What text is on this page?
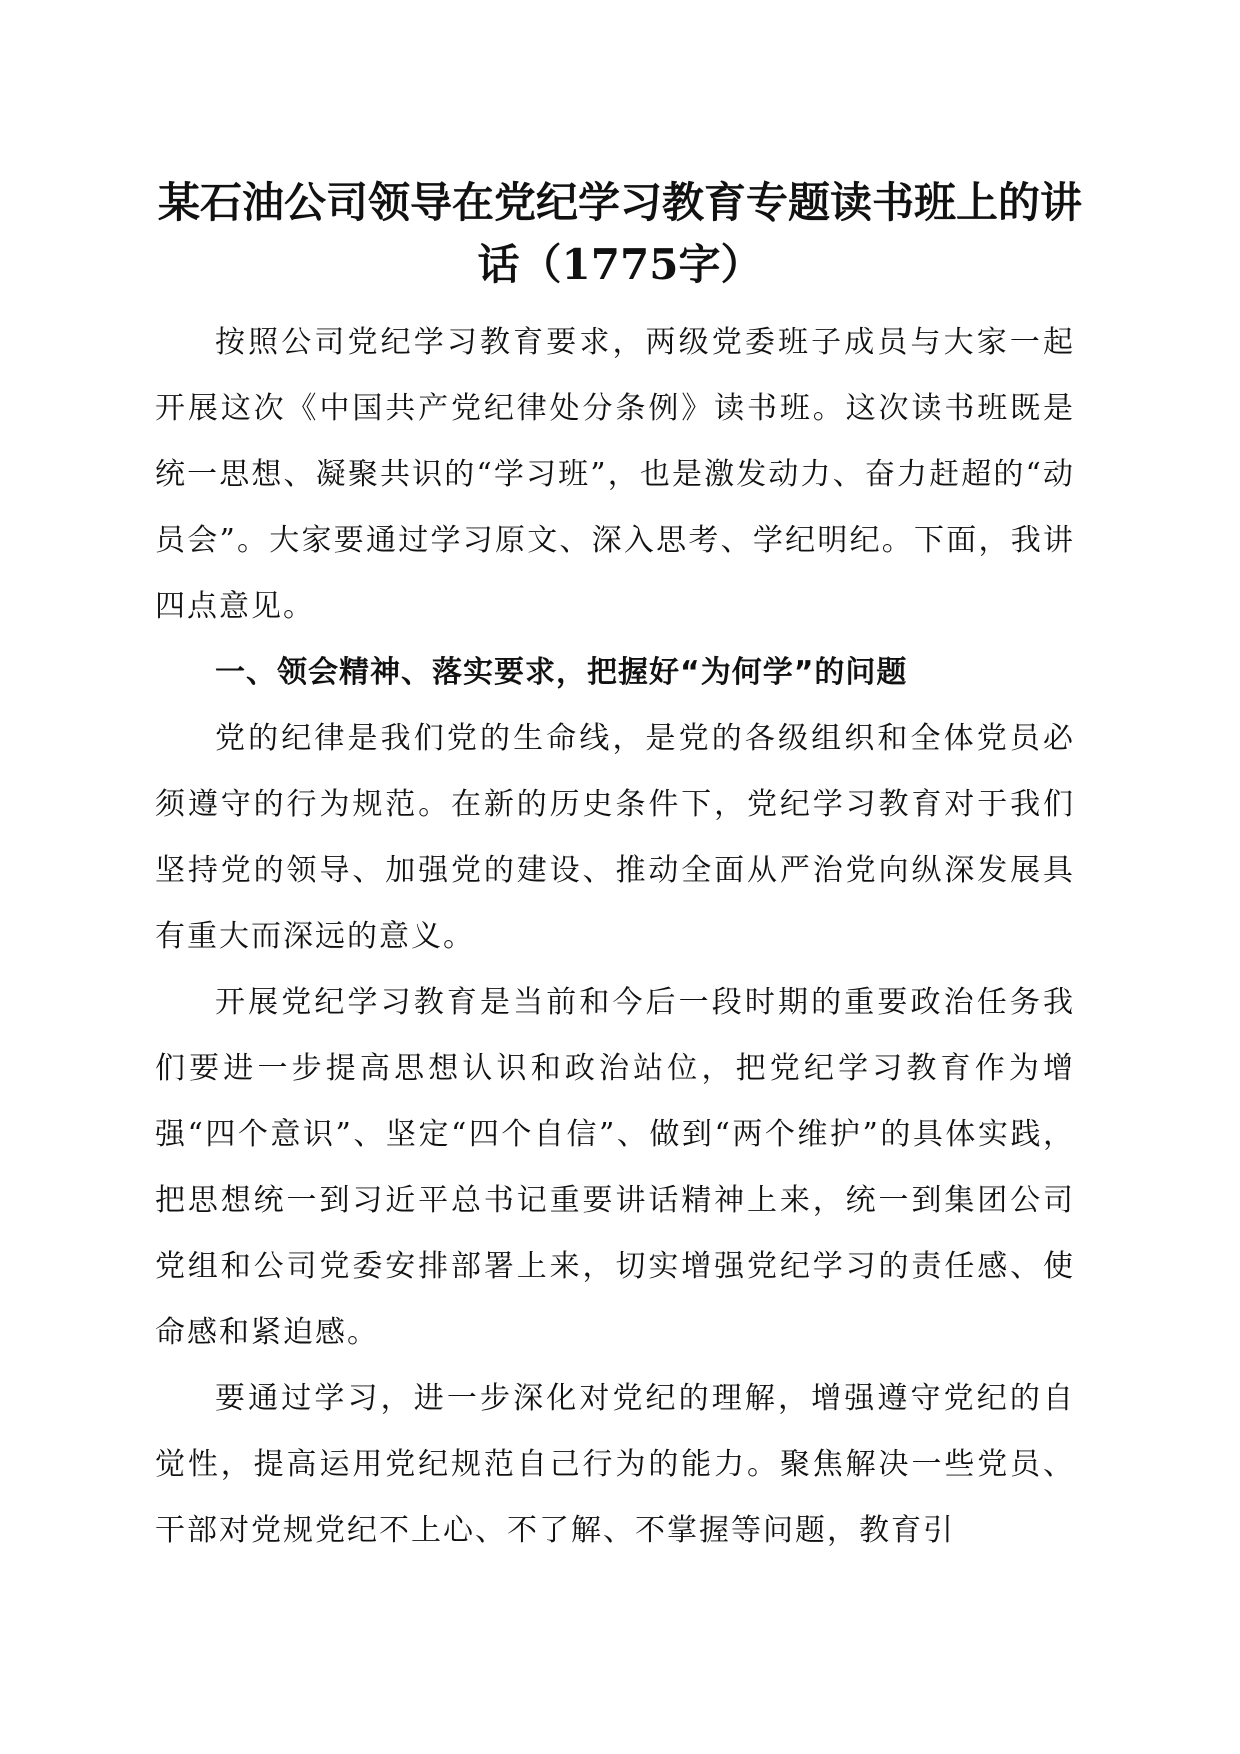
某石油公司领导在党纪学习教育专题读书班上的讲话（1775字）

按照公司党纪学习教育要求，两级党委班子成员与大家一起开展这次《中国共产党纪律处分条例》读书班。这次读书班既是统一思想、凝聚共识的“学习班”，也是激发动力、奋力赶超的“动员会”。大家要通过学习原文、深入思考、学纪明纪。下面，我讲四点意见。

一、领会精神、落实要求，把握好“为何学”的问题

党的纪律是我们党的生命线，是党的各级组织和全体党员必须遵守的行为规范。在新的历史条件下，党纪学习教育对于我们坚持党的领导、加强党的建设、推动全面从严治党向纵深发展具有重大而深远的意义。

开展党纪学习教育是当前和今后一段时期的重要政治任务我们要进一步提高思想认识和政治站位，把党纪学习教育作为增强“四个意识”、坚定“四个自信”、做到“两个维护”的具体实践，把思想统一到习近平总书记重要讲话精神上来，统一到集团公司党组和公司党委安排部署上来，切实增强党纪学习的责任感、使命感和紧迫感。

要通过学习，进一步深化对党纪的理解，增强遵守党纪的自觉性，提高运用党纪规范自己行为的能力。聚焦解决一些党员、干部对党规党纪不上心、不了解、不掌握等问题，教育引
